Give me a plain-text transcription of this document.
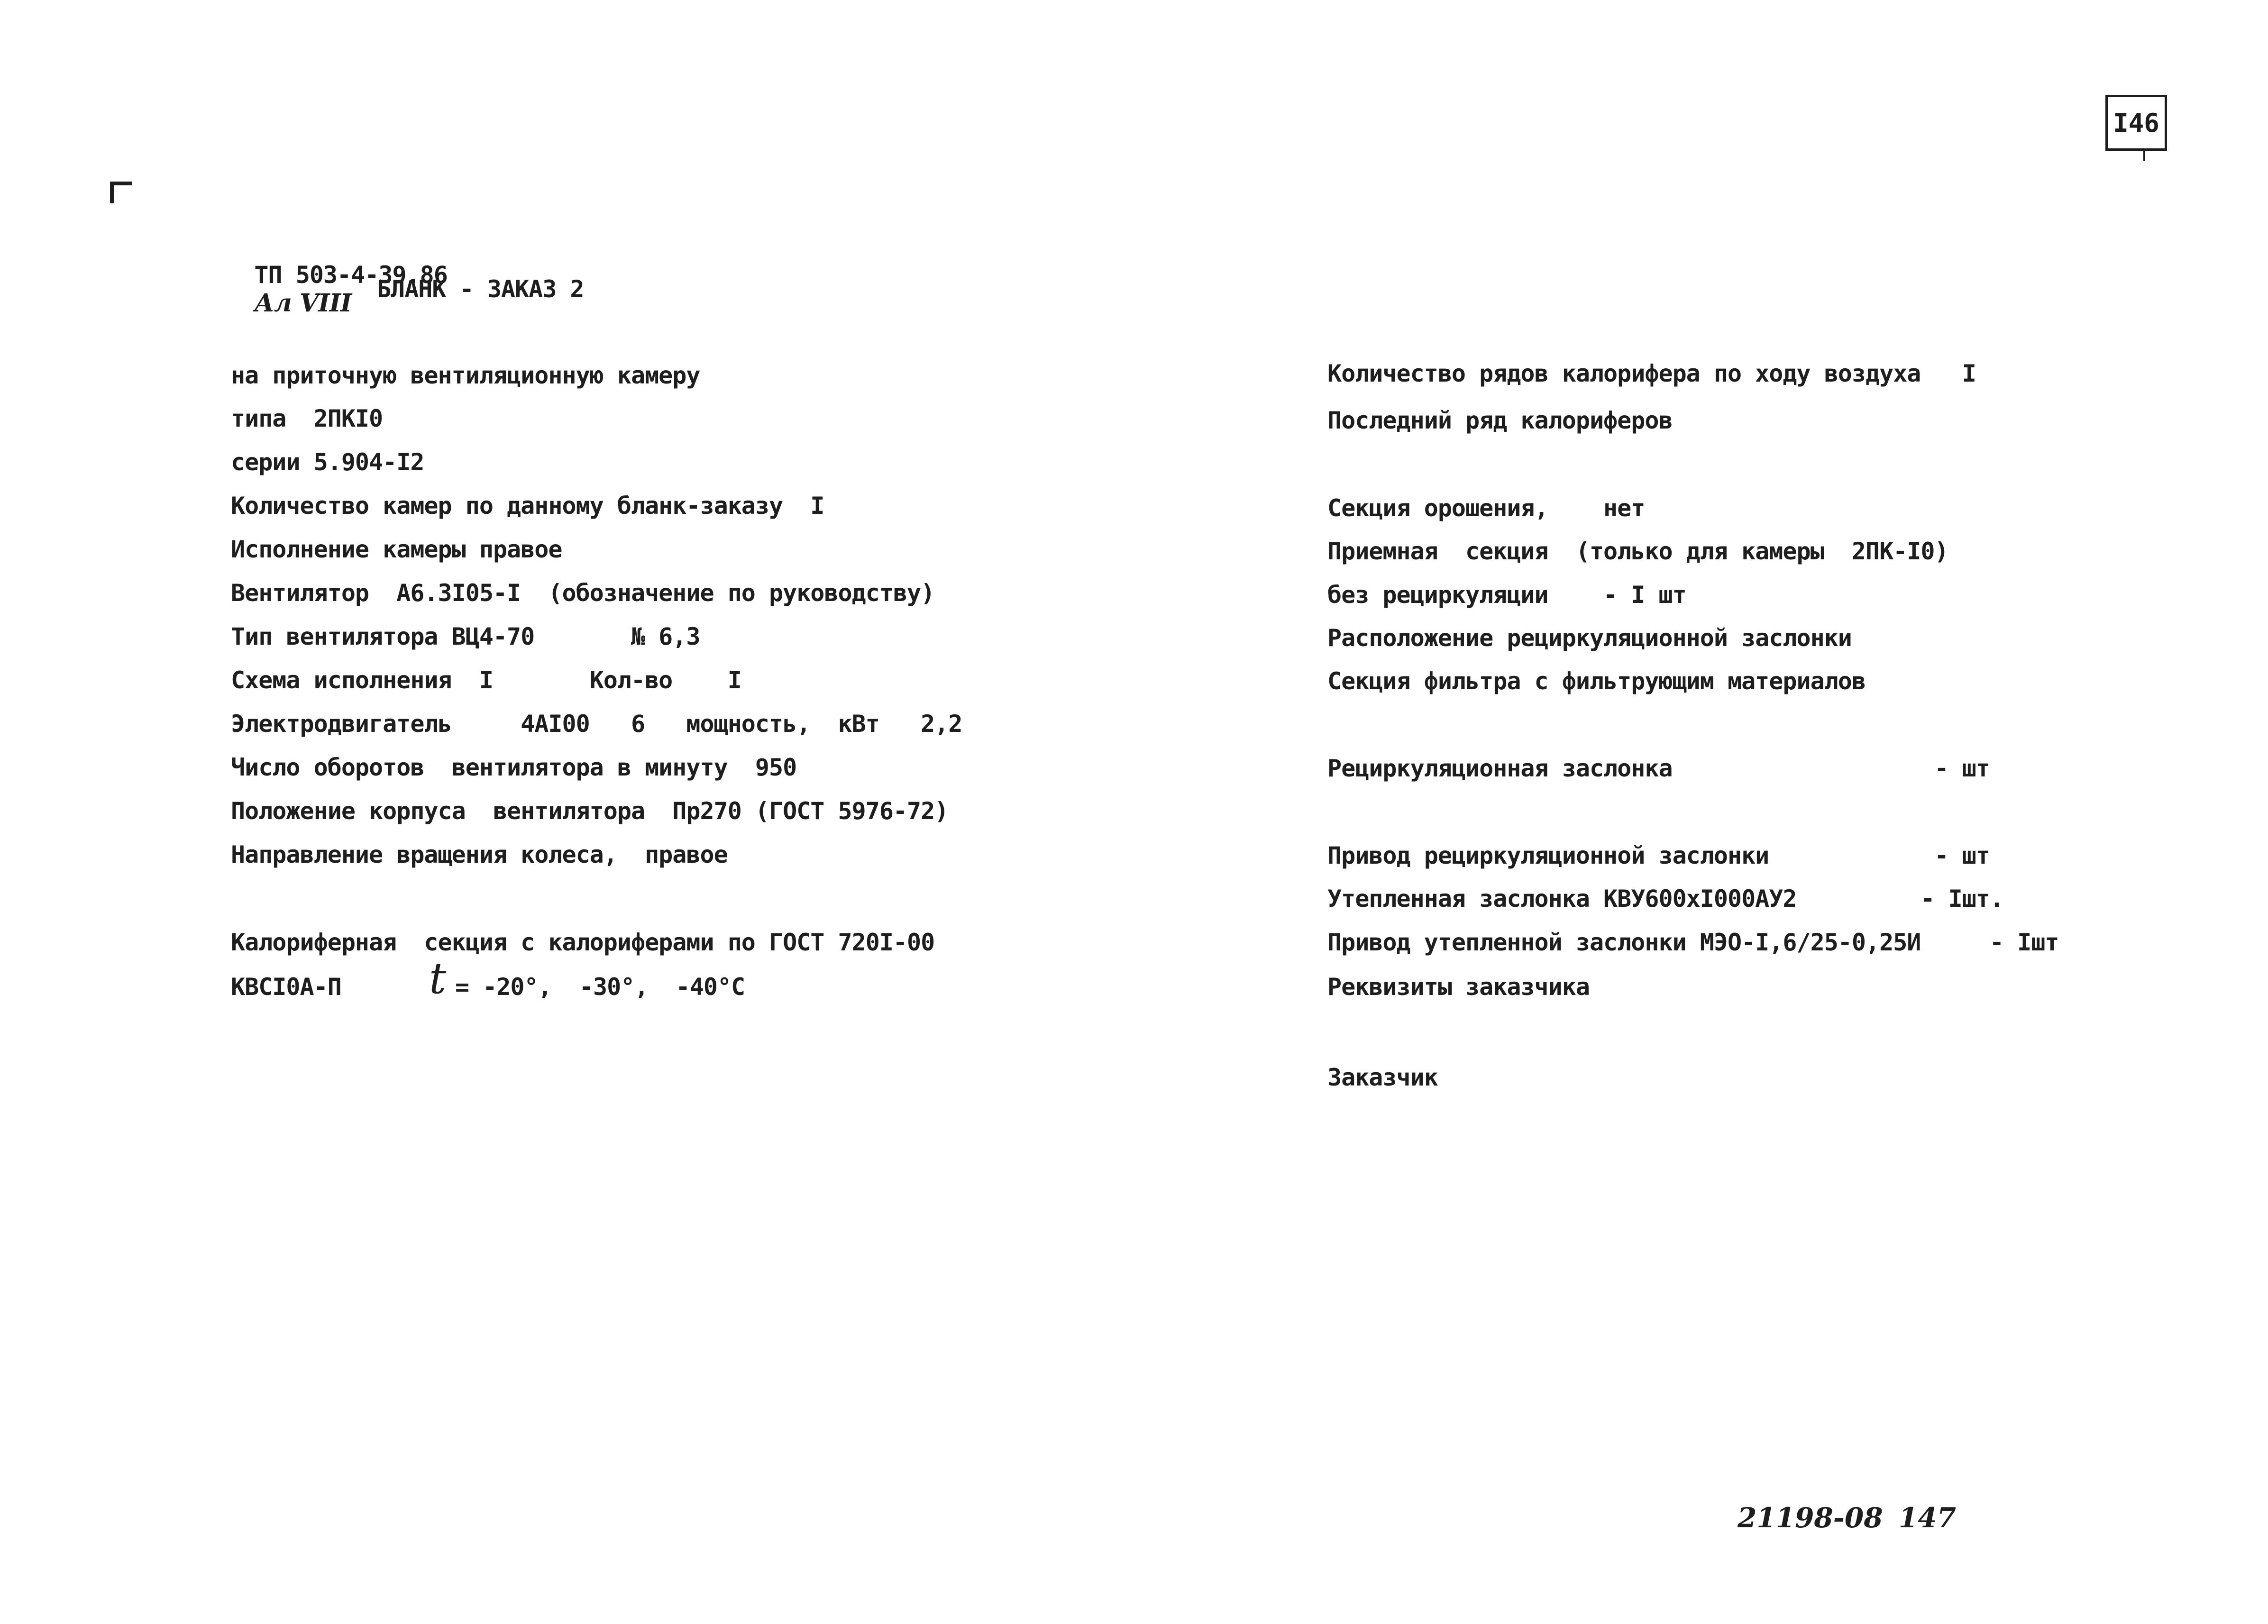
I46

ТП 503-4-39.86
Ал VIII
	БЛАНК - ЗАКАЗ 2
на приточную вентиляционную камеру
типа  2ПКI0
серии 5.904-I2
Количество камер по данному бланк-заказу  I
Исполнение камеры правое
Вентилятор  А6.3I05-I  (обозначение по руководству)
Тип вентилятора ВЦ4-70       № 6,3
Схема исполнения  I       Кол-во    I
Электродвигатель     4АI00   6   мощность,  кВт   2,2
Число оборотов  вентилятора в минуту  950
Положение корпуса  вентилятора  Пр270 (ГОСТ 5976-72)
Направление вращения колеса,  правое
Калориферная  секция с калориферами по ГОСТ 720I-00
КВСI0А-П t = -20°,  -30°,  -40°С
Количество рядов калорифера по ходу воздуха   I
Последний ряд калориферов
Секция орошения,    нет
Приемная  секция  (только для камеры  2ПК-I0)
без рециркуляции    - I шт
Расположение рециркуляционной заслонки
Секция фильтра с фильтрующим материалов
Рециркуляционная заслонка                   - шт
Привод рециркуляционной заслонки            - шт
Утепленная заслонка КВУ600хI000АУ2         - Iшт.
Привод утепленной заслонки МЭО-I,6/25-0,25И     - Iшт
Реквизиты заказчика
Заказчик
21198-08 147
